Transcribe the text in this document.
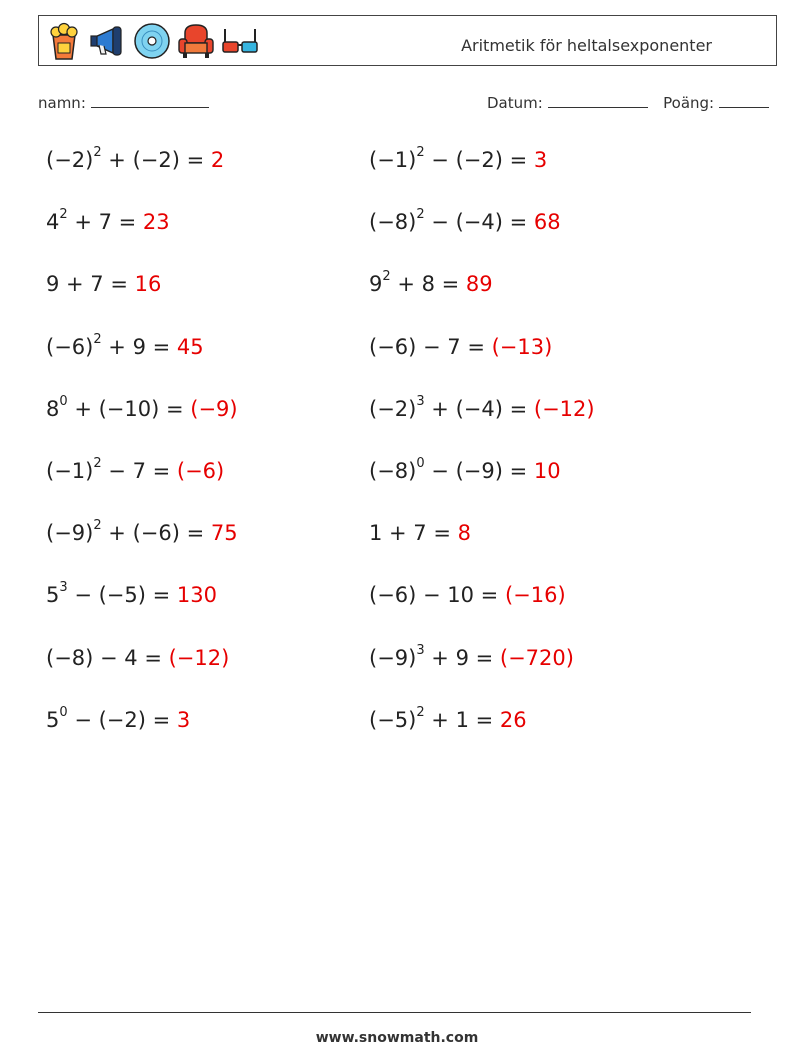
Aritmetik för heltalsexponenter
namn:	Datum:	Poäng:
$(-2)^2 + (-2) = 2$	$(-1)^2 - (-2) = 3$
$4^2 + 7 = 23$	$(-8)^2 - (-4) = 68$
9 + 7 = 16	$9^2 + 8 = 89$
$(-6)^2 + 9 = 45$	(−6) − 7 = (−13)
$8^0 + (-10) = (-9)$	$(-2)^3 + (-4) = (-12)$
$(-1)^2 - 7 = (-6)$	$(-8)^0 - (-9) = 10$
$(-9)^2 + (-6) = 75$	1 + 7 = 8
$5^3 - (-5) = 130$	(−6) − 10 = (−16)
(−8) − 4 = (−12)	$(-9)^3 + 9 = (-720)$
$5^0 - (-2) = 3$	$(-5)^2 + 1 = 26$
www.snowmath.com
